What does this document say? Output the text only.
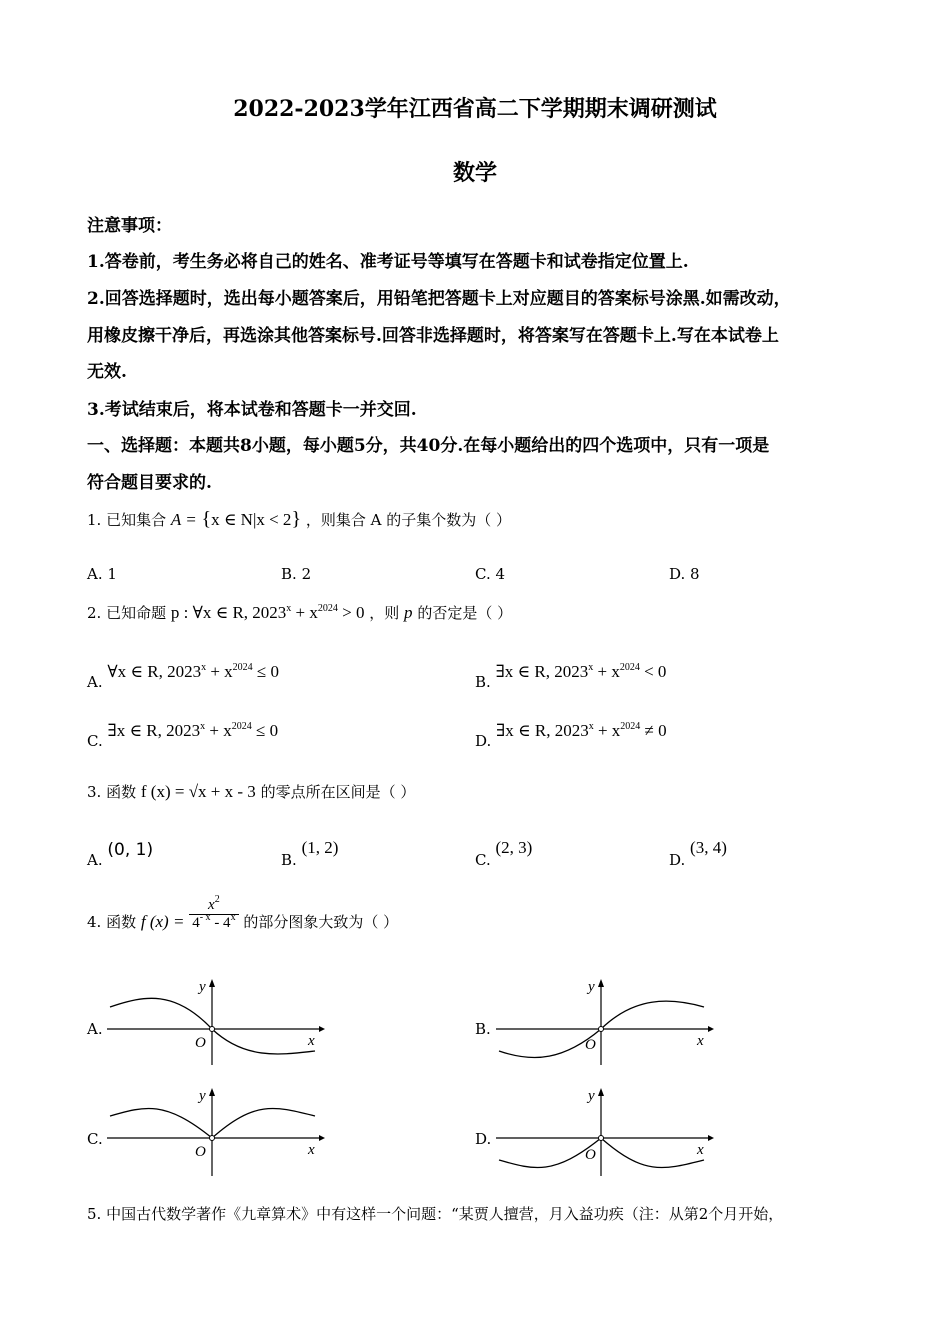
2022-2023学年江西省高二下学期期末调研测试
数学
注意事项：
1.答卷前，考生务必将自己的姓名、准考证号等填写在答题卡和试卷指定位置上.
2.回答选择题时，选出每小题答案后，用铅笔把答题卡上对应题目的答案标号涂黑.如需改动，
用橡皮擦干净后，再选涂其他答案标号.回答非选择题时，将答案写在答题卡上.写在本试卷上
无效.
3.考试结束后，将本试卷和答题卡一并交回.
一、选择题：本题共8小题，每小题5分，共40分.在每小题给出的四个选项中，只有一项是
符合题目要求的.
1. 已知集合 A = {x ∈ N|x < 2} ，则集合 A 的子集个数为（ ）
A. 1	B. 2	C. 4	D. 8
2. 已知命题 p : ∀x ∈ R, $2023^x + x^{2024} > 0$ ，则 p 的否定是（ ）
A. ∀x ∈ R, $2023^x + x^{2024} \le 0$
B. ∃x ∈ R, $2023^x + x^{2024} < 0$
C. ∃x ∈ R, $2023^x + x^{2024} \le 0$
D. ∃x ∈ R, $2023^x + x^{2024} \ne 0$
3. 函数 f (x) = √x + x - 3 的零点所在区间是（ ）
A. (0, 1)	B. (1, 2)
C. (2, 3)
D. (3, 4)
4. 函数 f $(x) = \frac{x^2}{4^{- x} - 4^x}$ 的部分图象大致为（ ）
A.
y
x
O
B.
y
x
O
C.
y
x
O
D.
y
x
O
5. 中国古代数学著作《九章算术》中有这样一个问题：“某贾人擅营，月入益功疾（注：从第2个月开始，
